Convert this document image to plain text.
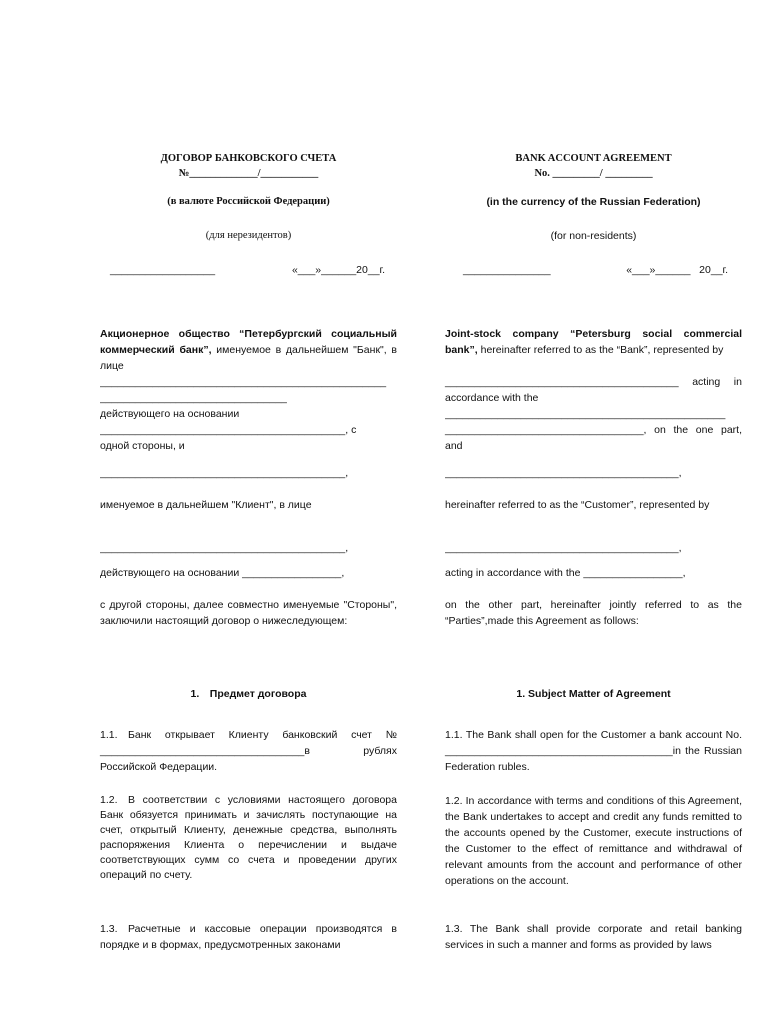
ДОГОВОР БАНКОВСКОГО СЧЕТА
№_____________/___________
(в валюте Российской Федерации)
(для нерезидентов)
__________________	«___»______20__г.
Акционерное общество “Петербургский социальный коммерческий банк”, именуемое в дальнейшем "Банк", в лице
_________________________________________________
________________________________
действующего на основании
__________________________________________, с
одной стороны, и
__________________________________________,
именуемое в дальнейшем "Клиент", в лице
__________________________________________,
действующего на основании _________________,
с другой стороны, далее совместно именуемые "Стороны", заключили настоящий договор о нижеследующем:
1. Предмет договора
1.1. Банк открывает Клиенту банковский счет № ___________________________________в рублях Российской Федерации.
1.2. В соответствии с условиями настоящего договора Банк обязуется принимать и зачислять поступающие на счет, открытый Клиенту, денежные средства, выполнять распоряжения Клиента о перечислении и выдаче соответствующих сумм со счета и проведении других операций по счету.
1.3. Расчетные и кассовые операции производятся в порядке и в формах, предусмотренных законами
BANK ACCOUNT AGREEMENT
No. _________/ _________
(in the currency of the Russian Federation)
(for non-residents)
_______________	«___»______   20__г.
Joint-stock company “Petersburg social commercial bank”, hereinafter referred to as the “Bank”, represented by
________________________________________ acting in accordance with the
________________________________________________
__________________________________, on the one part, and
________________________________________,
hereinafter referred to as the “Customer”, represented by
________________________________________,
acting in accordance with the _________________,
on the other part, hereinafter jointly referred to as the “Parties”,made this Agreement as follows:
1. Subject Matter of Agreement
1.1. The Bank shall open for the Customer a bank account No. _______________________________________in the Russian Federation rubles.
1.2. In accordance with terms and conditions of this Agreement, the Bank undertakes to accept and credit any funds remitted to the accounts opened by the Customer, execute instructions of the Customer to the effect of remittance and withdrawal of relevant amounts from the account and performance of other operations on the account.
1.3. The Bank shall provide corporate and retail banking services in such a manner and forms as provided by laws
